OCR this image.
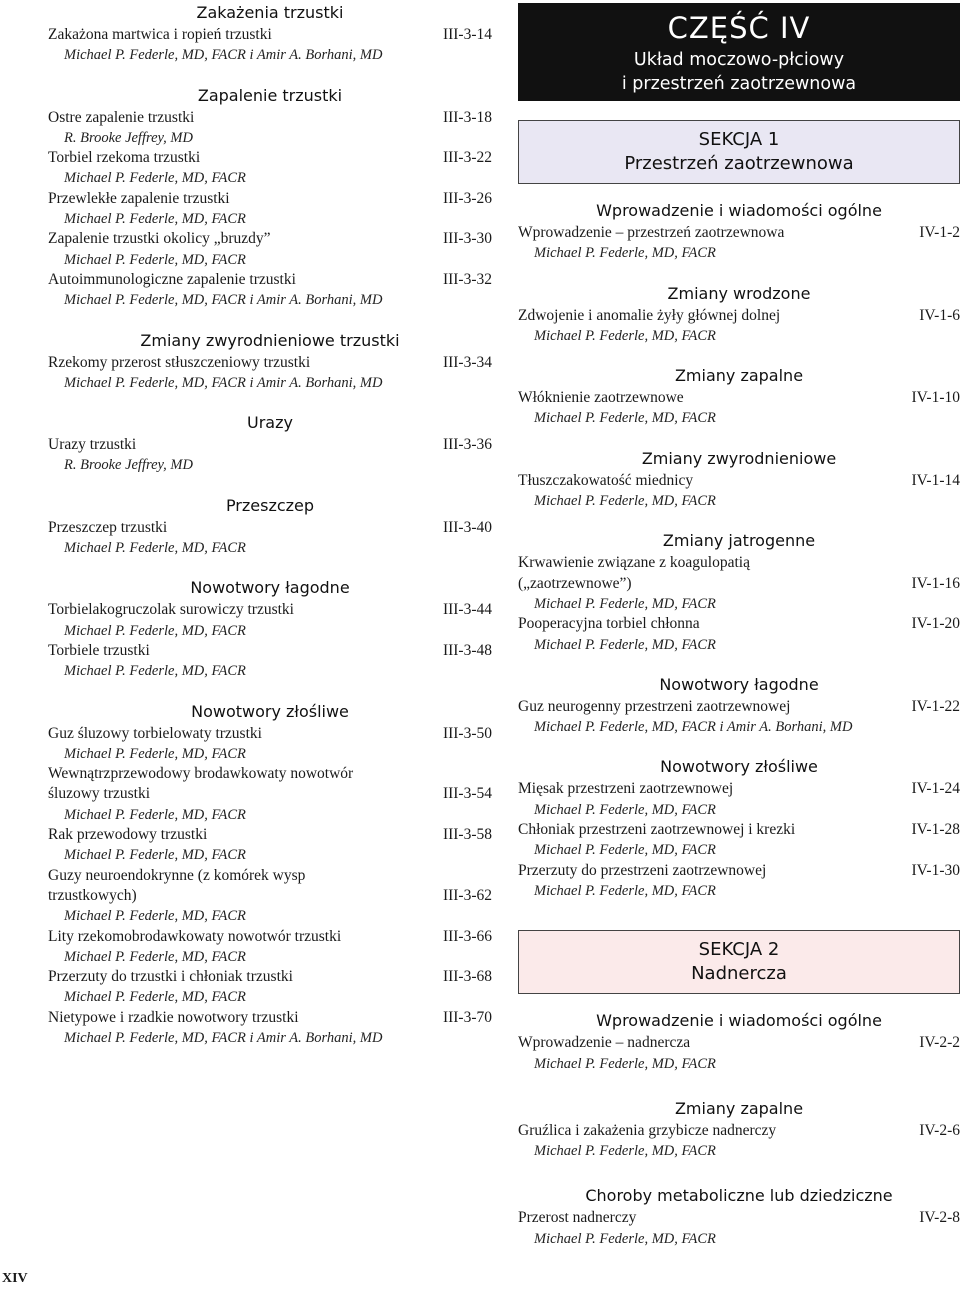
Zakażenia trzustki
Zakażona martwica i ropień trzustki	III-3-14
Michael P. Federle, MD, FACR i Amir A. Borhani, MD
Zapalenie trzustki
Ostre zapalenie trzustki	III-3-18
R. Brooke Jeffrey, MD
Torbiel rzekoma trzustki	III-3-22
Michael P. Federle, MD, FACR
Przewlekłe zapalenie trzustki	III-3-26
Michael P. Federle, MD, FACR
Zapalenie trzustki okolicy „bruzdy”	III-3-30
Michael P. Federle, MD, FACR
Autoimmunologiczne zapalenie trzustki	III-3-32
Michael P. Federle, MD, FACR i Amir A. Borhani, MD
Zmiany zwyrodnieniowe trzustki
Rzekomy przerost stłuszczeniowy trzustki	III-3-34
Michael P. Federle, MD, FACR i Amir A. Borhani, MD
Urazy
Urazy trzustki	III-3-36
R. Brooke Jeffrey, MD
Przeszczep
Przeszczep trzustki	III-3-40
Michael P. Federle, MD, FACR
Nowotwory łagodne
Torbielakogruczolak surowiczy trzustki	III-3-44
Michael P. Federle, MD, FACR
Torbiele trzustki	III-3-48
Michael P. Federle, MD, FACR
Nowotwory złośliwe
Guz śluzowy torbielowaty trzustki	III-3-50
Michael P. Federle, MD, FACR
Wewnątrzprzewodowy brodawkowaty nowotwór
śluzowy trzustki	III-3-54
Michael P. Federle, MD, FACR
Rak przewodowy trzustki	III-3-58
Michael P. Federle, MD, FACR
Guzy neuroendokrynne (z komórek wysp
trzustkowych)	III-3-62
Michael P. Federle, MD, FACR
Lity rzekomobrodawkowaty nowotwór trzustki	III-3-66
Michael P. Federle, MD, FACR
Przerzuty do trzustki i chłoniak trzustki	III-3-68
Michael P. Federle, MD, FACR
Nietypowe i rzadkie nowotwory trzustki	III-3-70
Michael P. Federle, MD, FACR i Amir A. Borhani, MD
CZĘŚĆ IV
Układ moczowo-płciowy
i przestrzeń zaotrzewnowa
SEKCJA 1
Przestrzeń zaotrzewnowa
Wprowadzenie i wiadomości ogólne
Wprowadzenie – przestrzeń zaotrzewnowa	IV-1-2
Michael P. Federle, MD, FACR
Zmiany wrodzone
Zdwojenie i anomalie żyły głównej dolnej	IV-1-6
Michael P. Federle, MD, FACR
Zmiany zapalne
Włóknienie zaotrzewnowe	IV-1-10
Michael P. Federle, MD, FACR
Zmiany zwyrodnieniowe
Tłuszczakowatość miednicy	IV-1-14
Michael P. Federle, MD, FACR
Zmiany jatrogenne
Krwawienie związane z koagulopatią
(„zaotrzewnowe”)	IV-1-16
Michael P. Federle, MD, FACR
Pooperacyjna torbiel chłonna	IV-1-20
Michael P. Federle, MD, FACR
Nowotwory łagodne
Guz neurogenny przestrzeni zaotrzewnowej	IV-1-22
Michael P. Federle, MD, FACR i Amir A. Borhani, MD
Nowotwory złośliwe
Mięsak przestrzeni zaotrzewnowej	IV-1-24
Michael P. Federle, MD, FACR
Chłoniak przestrzeni zaotrzewnowej i krezki	IV-1-28
Michael P. Federle, MD, FACR
Przerzuty do przestrzeni zaotrzewnowej	IV-1-30
Michael P. Federle, MD, FACR
SEKCJA 2
Nadnercza
Wprowadzenie i wiadomości ogólne
Wprowadzenie – nadnercza	IV-2-2
Michael P. Federle, MD, FACR
Zmiany zapalne
Gruźlica i zakażenia grzybicze nadnerczy	IV-2-6
Michael P. Federle, MD, FACR
Choroby metaboliczne lub dziedziczne
Przerost nadnerczy	IV-2-8
Michael P. Federle, MD, FACR
XIV
